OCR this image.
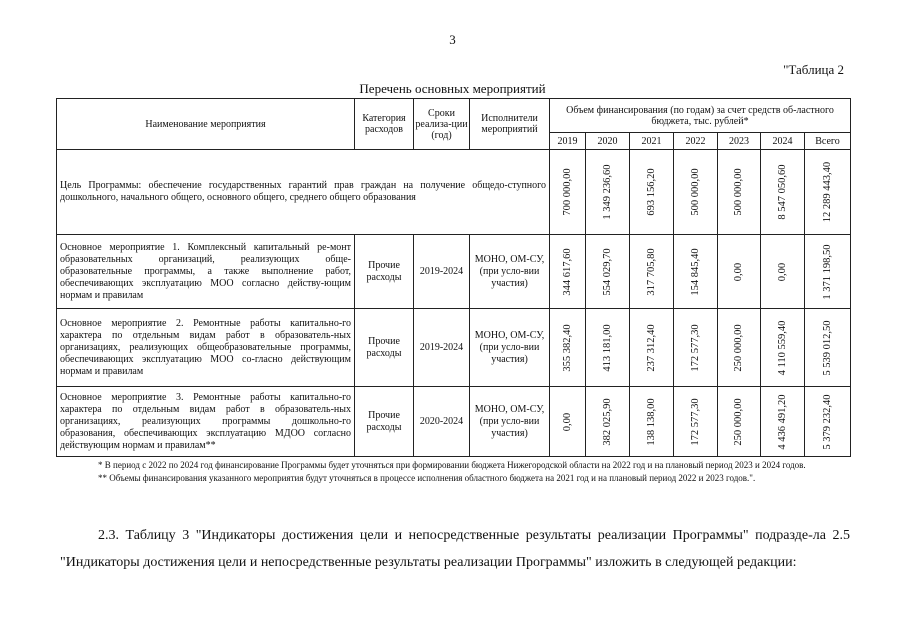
3
"Таблица 2
Перечень основных мероприятий
Наименование мероприятия	Категория расходов	Сроки реализа-ции (год)	Исполнители мероприятий	Объем финансирования (по годам) за счет средств об-ластного бюджета, тыс. рублей*						
				2019	2020	2021	2022	2023	2024	Всего
Цель Программы: обеспечение государственных гарантий прав граждан на получение общедо-ступного дошкольного, начального общего, основного общего, среднего общего образования				700 000,00	1 349 236,60	693 156,20	500 000,00	500 000,00	8 547 050,60	12 289 443,40

Основное мероприятие 1. Комплексный капитальный ре-монт образовательных организаций, реализующих обще-образовательные программы, а также выполнение работ, обеспечивающих эксплуатацию МОО согласно действу-ющим нормам и правилам	Прочие расходы	2019-2024	МОНО, ОМ-СУ, (при усло-вии участия)	344 617,60	554 029,70	317 705,80	154 845,40	0,00	0,00	1 371 198,50

Основное мероприятие 2. Ремонтные работы капитально-го характера по отдельным видам работ в образователь-ных организациях, реализующих общеобразовательные программы, обеспечивающих эксплуатацию МОО со-гласно действующим нормам и правилам	Прочие расходы	2019-2024	МОНО, ОМ-СУ, (при усло-вии участия)	355 382,40	413 181,00	237 312,40	172 577,30	250 000,00	4 110 559,40	5 539 012,50

Основное мероприятие 3. Ремонтные работы капитально-го характера по отдельным видам работ в образователь-ных организациях, реализующих программы дошкольно-го образования, обеспечивающих эксплуатацию МДОО согласно действующим нормам и правилам**	Прочие расходы	2020-2024	МОНО, ОМ-СУ, (при усло-вии участия)	0,00	382 025,90	138 138,00	172 577,30	250 000,00	4 436 491,20	5 379 232,40

* В период с 2022 по 2024 год финансирование Программы будет уточняться при формировании бюджета Нижегородской области на 2022 год и на плановый период 2023 и 2024 годов.

** Объемы финансирования указанного мероприятия будут уточняться в процессе исполнения областного бюджета на 2021 год и на плановый период 2022 и 2023 годов.".

2.3. Таблицу 3 "Индикаторы достижения цели и непосредственные результаты реализации Программы" подразде-ла 2.5 "Индикаторы достижения цели и непосредственные результаты реализации Программы" изложить в следующей редакции:
